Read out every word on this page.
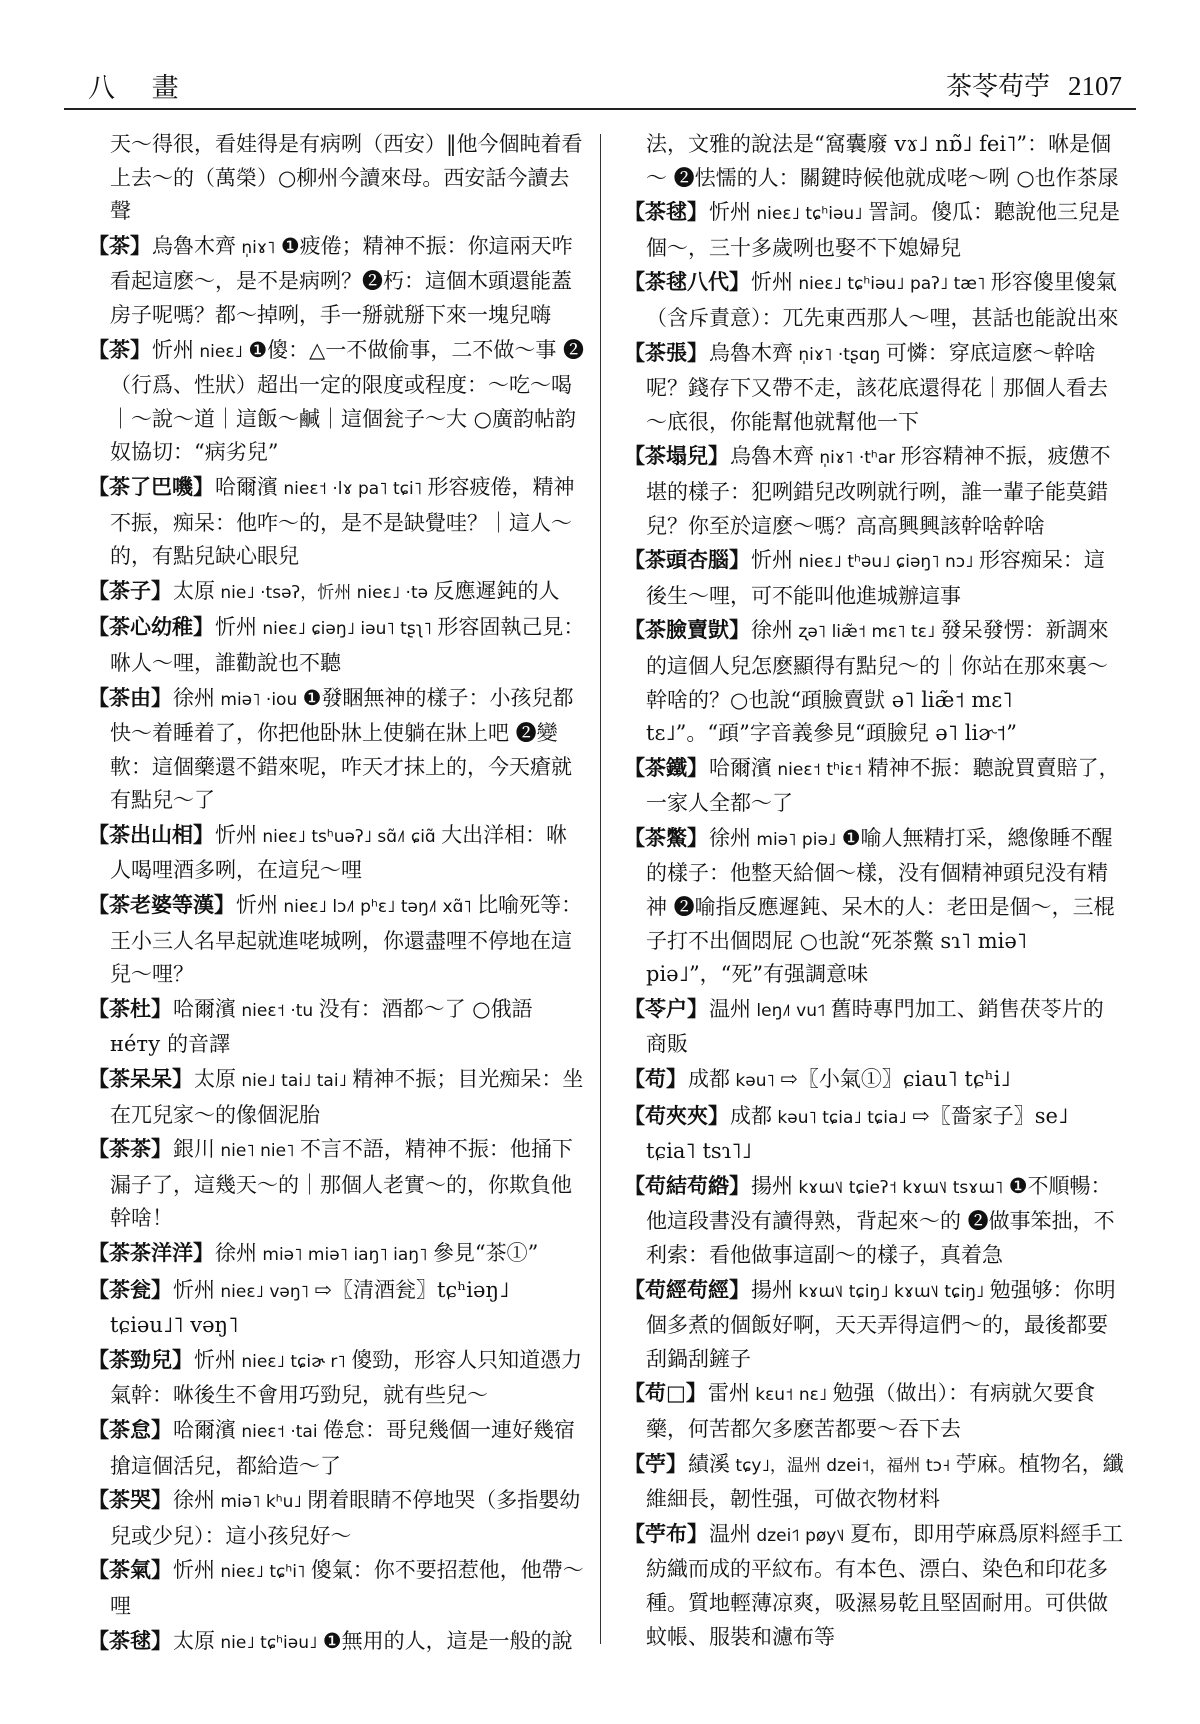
八 畫	茶苓苟苧 2107

天～得很，看娃得是有病咧（西安）‖他今個盹着看上去～的（萬榮）○柳州今讀來母。西安話今讀去聲

【茶】烏魯木齊 n̩iɤ˥ ❶疲倦；精神不振：你這兩天咋看起這麽～，是不是病咧？❷朽：這個木頭還能蓋房子呢嗎？都～掉咧，手一掰就掰下來一塊兒嗨

【茶】忻州 nieɛ˩ ❶傻：△一不做偷事，二不做～事 ❷（行爲、性狀）超出一定的限度或程度：～吃～喝｜～說～道｜這飯～鹹｜這個瓮子～大 ○廣韵帖韵奴協切：“病劣兒”

【茶了巴嘰】哈爾濱 nieɛ˦ ·lɤ pa˥ tɕi˥ 形容疲倦，精神不振，痴呆：他咋～的，是不是缺覺哇？｜這人～的，有點兒缺心眼兒

【茶子】太原 nie˩ ·tsəʔ，忻州 nieɛ˩ ·tə 反應遲鈍的人

【茶心幼稚】忻州 nieɛ˩ ɕiəŋ˩ iəu˥ tʂʅ˥ 形容固執己見：咻人～哩，誰勸說也不聽

【茶由】徐州 miə˥ ·iou ❶發睏無神的樣子：小孩兒都快～着睡着了，你把他卧牀上使躺在牀上吧 ❷變軟：這個藥還不錯來呢，咋天才抹上的，今天瘡就有點兒～了

【茶出山相】忻州 nieɛ˩ tsʰuəʔ˩ sɑ̃˩˥ ɕiɑ̃ 大出洋相：咻人喝哩酒多咧，在這兒～哩

【茶老婆等漢】忻州 nieɛ˩ lɔ˩˥ pʰɛ˩ təŋ˩˥ xɑ̃˥ 比喻死等：王小三人名早起就進咾城咧，你還盡哩不停地在這兒～哩？

【茶杜】哈爾濱 nieɛ˦ ·tu 没有：酒都～了 ○俄語 нéту 的音譯

【茶呆呆】太原 nie˩ tai˩ tai˩ 精神不振；目光痴呆：坐在兀兒家～的像個泥胎

【茶茶】銀川 nie˥ nie˥ 不言不語，精神不振：他捅下漏子了，這幾天～的｜那個人老實～的，你欺負他幹啥！

【茶茶洋洋】徐州 miə˥ miə˥ iaŋ˥ iaŋ˥ 參見“茶①”

【茶瓮】忻州 nieɛ˩ vəŋ˥ ⇨〖清酒瓮〗tɕʰiəŋ˩ tɕiəu˩˥ vəŋ˥

【茶勁兒】忻州 nieɛ˩ tɕiɚ r˥ 傻勁，形容人只知道憑力氣幹：咻後生不會用巧勁兒，就有些兒～

【茶怠】哈爾濱 nieɛ˦ ·tai 倦怠：哥兒幾個一連好幾宿搶這個活兒，都給造～了

【茶哭】徐州 miə˥ kʰu˩ 閉着眼睛不停地哭（多指嬰幼兒或少兒）：這小孩兒好～

【茶氣】忻州 nieɛ˩ tɕʰi˥ 傻氣：你不要招惹他，他帶～哩

【茶毬】太原 nie˩ tɕʰiəu˩ ❶無用的人，這是一般的說

法，文雅的說法是“窩囊廢 vɤ˩ nɒ̃˩ fei˥”：咻是個～ ❷怯懦的人：關鍵時候他就成咾～咧 ○也作茶㞗

【茶毬】忻州 nieɛ˩ tɕʰiəu˩ 詈詞。傻瓜：聽說他三兒是個～，三十多歲咧也娶不下媳婦兒

【茶毬八代】忻州 nieɛ˩ tɕʰiəu˩ paʔ˩ tæ˥ 形容傻里傻氣（含斥責意）：兀先東西那人～哩，甚話也能說出來

【茶張】烏魯木齊 n̩iɤ˥ ·tʂɑŋ 可憐：穿底這麽～幹啥呢？錢存下又帶不走，該花底還得花｜那個人看去～底很，你能幫他就幫他一下

【茶塌兒】烏魯木齊 n̩iɤ˥ ·tʰar 形容精神不振，疲憊不堪的樣子：犯咧錯兒改咧就行咧，誰一輩子能莫錯兒？你至於這麽～嗎？高高興興該幹啥幹啥

【茶頭杏腦】忻州 nieɛ˩ tʰəu˩ ɕiəŋ˥ nɔ˩ 形容痴呆：這後生～哩，可不能叫他進城辦這事

【茶臉賣獃】徐州 ʐə˥ liæ̃˦ mɛ˥ tɛ˩ 發呆發愣：新調來的這個人兒怎麽顯得有點兒～的｜你站在那來裏～幹啥的？○也說“頙臉賣獃 ə˥ liæ̃˦ mɛ˥ tɛ˩”。“頙”字音義參見“頙臉兒 ə˥ liɚ˦”

【茶鐵】哈爾濱 nieɛ˦ tʰiɛ˦ 精神不振：聽說買賣賠了，一家人全都～了

【茶鱉】徐州 miə˥ piə˩ ❶喻人無精打采，總像睡不醒的樣子：他整天給個～樣，没有個精神頭兒没有精神 ❷喻指反應遲鈍、呆木的人：老田是個～，三棍子打不出個悶屁 ○也說“死茶鱉 sɿ˥ miə˥ piə˩”，“死”有强調意味

【苓户】温州 leŋ˩˥ vu˦˥ 舊時專門加工、銷售茯苓片的商販

【苟】成都 kəu˥ ⇨〖小氣①〗ɕiau˥ tɕʰi˩

【苟夾夾】成都 kəu˥ tɕia˩ tɕia˩ ⇨〖嗇家子〗se˩ tɕia˥ tsɿ˥˩

【苟結苟綹】揚州 kɤɯ˥˩ tɕieʔ˦ kɤɯ˥˩ tsɤɯ˥ ❶不順暢：他這段書没有讀得熟，背起來～的 ❷做事笨拙，不利索：看他做事這副～的樣子，真着急

【苟經苟經】揚州 kɤɯ˥˩ tɕiŋ˩ kɤɯ˥˩ tɕiŋ˩ 勉强够：你明個多煮的個飯好啊，天天弄得這們～的，最後都要刮鍋刮鏟子

【苟□】雷州 kɛu˦ nɛ˩ 勉强（做出）：有病就欠要食藥，何苦都欠多麽苦都要～吞下去

【苧】績溪 tɕy˩，温州 dzei˦，福州 tɔ˧ 苧麻。植物名，纖維細長，韌性强，可做衣物材料

【苧布】温州 dzei˦˥ pøy˥˩ 夏布，即用苧麻爲原料經手工紡織而成的平紋布。有本色、漂白、染色和印花多種。質地輕薄凉爽，吸濕易乾且堅固耐用。可供做蚊帳、服裝和濾布等
